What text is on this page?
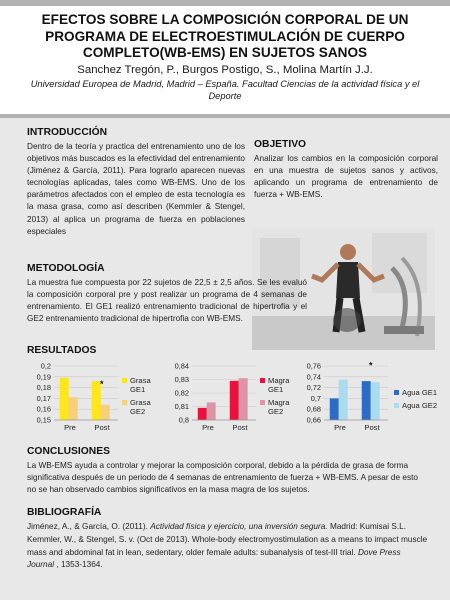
EFECTOS SOBRE LA COMPOSICIÓN CORPORAL DE UN PROGRAMA DE ELECTROESTIMULACIÓN DE CUERPO COMPLETO(WB-EMS) EN SUJETOS SANOS
Sanchez Tregón, P., Burgos Postigo, S., Molina Martín J.J.
Universidad Europea de Madrid, Madrid – España. Facultad Ciencias de la actividad física y el Deporte
INTRODUCCIÓN
Dentro de la teoría y practica del entrenamiento uno de los objetivos más buscados es la efectividad del entrenamiento (Jiménez & García, 2011). Para lograrlo aparecen nuevas tecnologías aplicadas, tales como WB-EMS. Uno de los parámetros afectados con el empleo de esta tecnología es la masa grasa, como así describen (Kemmler & Stengel, 2013) al aplica un programa de fuerza en poblaciones especiales
OBJETIVO
Analizar los cambios en la composición corporal en una muestra de sujetos sanos y activos, aplicando un programa de entrenamiento de fuerza + WB-EMS.
METODOLOGÍA
La muestra fue compuesta por 22 sujetos de 22,5 ± 2,5 años. Se les evaluó la composición corporal pre y post realizar un programa de 4 semanas de entrenamiento. El GE1 realizó entrenamiento tradicional de hipertrofia y el GE2 entrenamiento tradicional de hipertrofia con WB-EMS.
RESULTADOS
0,15
0,16
0,17
0,18
0,19
0,2
Pre Post
*	Grasa GE1
Grasa GE2
0,8
0,81
0,82
0,83
0,84
Pre Post
Magra GE1
Magra GE2
0,66
0,68
0,7
0,72
0,74
0,76
Pre Post
*
Agua GE1
Agua GE2
CONCLUSIONES
La WB-EMS ayuda a controlar y mejorar la composición corporal, debido a la pérdida de grasa de forma significativa después de un periodo de 4 semanas de entrenamiento de fuerza + WB-EMS. A pesar de esto no se han observado cambios significativos en la masa magra de los sujetos.
BIBLIOGRAFÍA

Jiménez, A., & García, O. (2011). Actividad física y ejercicio, una inversión segura. Madrid: Kumisai S.L.

Kemmler, W., & Stengel, S. v. (Oct de 2013). Whole-body electromyostimulation as a means to impact muscle mass and abdominal fat in lean, sedentary, older female adults: subanalysis of test-III trial. Dove Press Journal , 1353-1364.
